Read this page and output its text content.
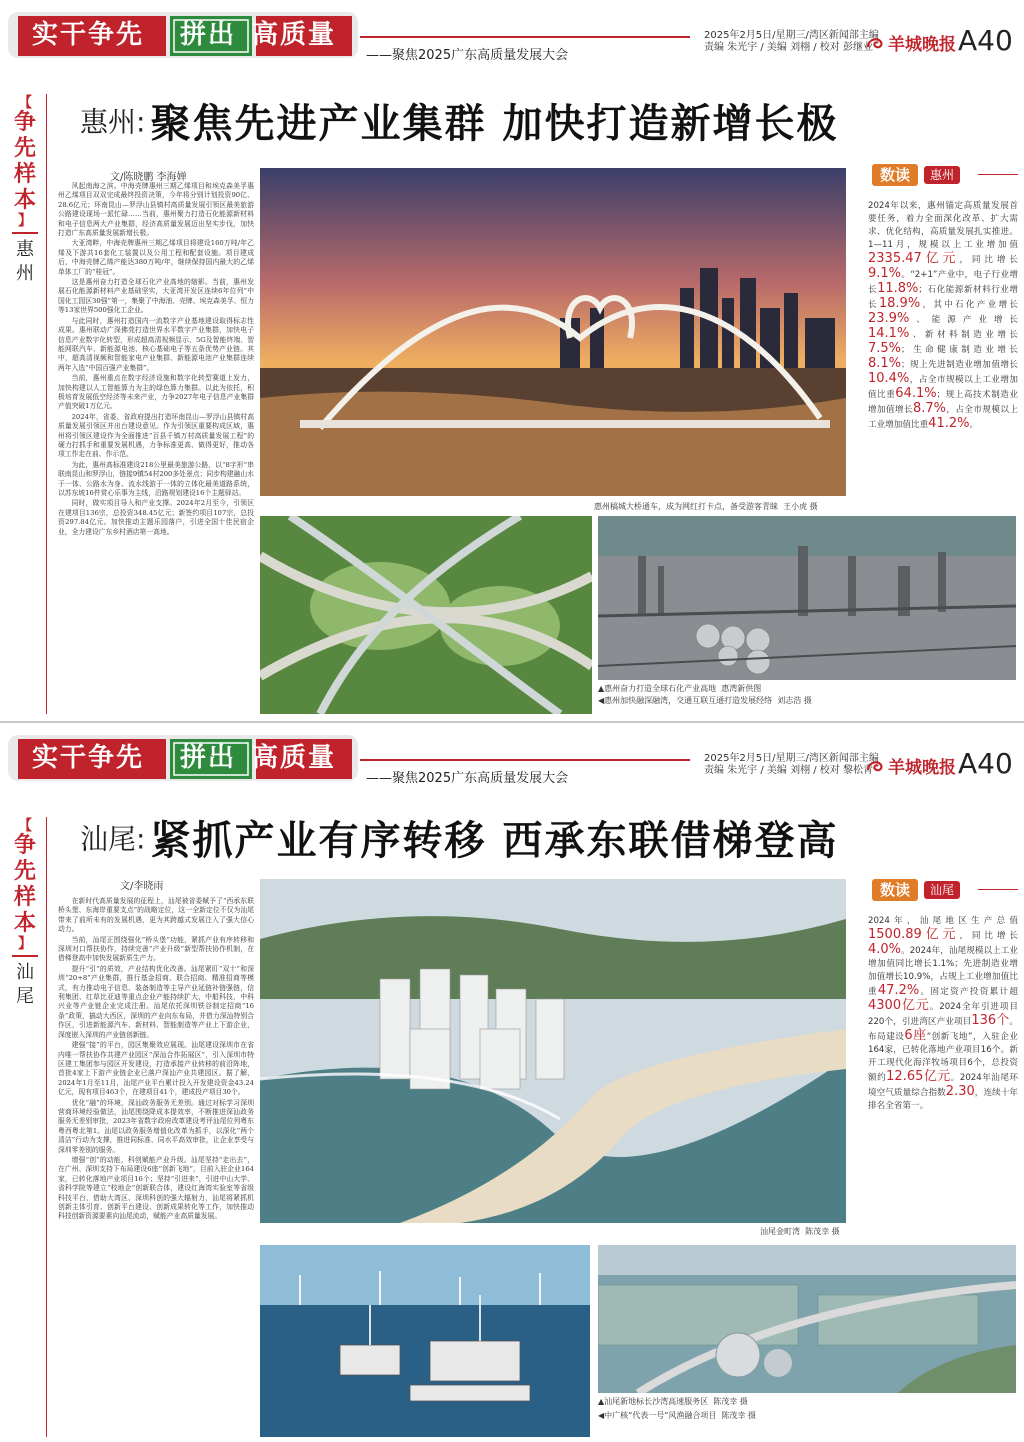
实干争先	拼出 高质量
——聚焦2025广东高质量发展大会
2025年2月5日/星期三/湾区新闻部主编
责编 朱光宇 / 美编 刘栩 / 校对 彭继业 羊城晚报 A40
【
争
先
样
本
】
惠
州
惠州: 聚焦先进产业集群 加快打造新增长极
文/陈晓鹏 李海婵

风起南海之滨。中海壳牌惠州三期乙烯项目和埃克森美孚惠州乙烯项目双双完成最终投资决策，今年将分别计划投资90亿、28.6亿元；环南昆山—罗浮山县镇村高质量发展引领区最美旅游公路建设现场一派忙碌……当前，惠州聚力打造石化能源新材料和电子信息两大产业集群，经济高质量发展迈出坚实步伐，加快打造广东高质量发展新增长极。

大亚湾畔，中海壳牌惠州三期乙烯项目将建设160万吨/年乙烯及下游共16套化工装置以及公用工程和配套设施。项目建成后，中海壳牌乙烯产能达380万吨/年，继续保持国内最大的乙烯单体工厂的“桂冠”。

这是惠州奋力打造全球石化产业高地的缩影。当前，惠州发展石化能源新材料产业基础坚实，大亚湾开发区连续6年位列“中国化工园区30强”第一，集聚了中海油、壳牌、埃克森美孚、恒力等13家世界500强化工企业。

与此同时，惠州打造国内一流数字产业基地建设取得标志性成果。惠州联动广深佛莞打造世界水平数字产业集群，加快电子信息产业数字化转型，形成超高清视频显示、5G及智能终端、智能网联汽车、新能源电池、核心基础电子等五条优势产业链。其中，超高清视频和智能家电产业集群、新能源电池产业集群连续两年入选“中国百强产业集群”。

当前，惠州重点在数字经济设施和数字化转型赛道上发力，加快构建以人工智能算力为主的绿色算力集群。以此为依托，积极培育发展低空经济等未来产业，力争2027年电子信息产业集群产值突破1万亿元。

2024年，省委、省政府提出打造环南昆山—罗浮山县镇村高质量发展引领区并出台建设意见。作为引领区重要构成区域，惠州将引领区建设作为全面推进“百县千镇万村高质量发展工程”的硬力打抓手和重要发展机遇，力争标准更高、做得更好，推动各项工作走在前、作示范。

为此，惠州高标准建设218公里最美旅游公路，以“8字形”串联南昆山和罗浮山，链接9镇54村200多处景点；同步构建融山水于一体、公路水为身、流水线游于一体的立体化最美道路系统，以苏东坡16件赏心乐事为主线，沿路规划建设16个主题驿站。

同时，做实项目导入和产业支撑。2024年2月至今，引领区在建项目136宗，总投资348.45亿元；新签约项目107宗，总投资297.84亿元。加快推动主题乐园落户，引进全国十佳民宿企业，全力建设广东乡村酒店第一高地。

惠州稿城大桥通车，成为网红打卡点，备受游客青睐 王小虎 摄
▲惠州奋力打造全球石化产业高地 惠湾新供图
◀惠州加快融深融湾，交通互联互通打造发展经络 刘志浩 摄
数读	惠州
2024年以来，惠州锚定高质量发展首要任务，着力全面深化改革、扩大需求、优化结构，高质量发展扎实推进。1—11月，规模以上工业增加值2335.47亿元，同比增长9.1%。“2+1”产业中，电子行业增长11.8%；石化能源新材料行业增长18.9%，其中石化产业增长23.9%、能源产业增长14.1%、新材料制造业增长7.5%；生命健康制造业增长8.1%；规上先进制造业增加值增长10.4%，占全市规模以上工业增加值比重64.1%；规上高技术制造业增加值增长8.7%，占全市规模以上工业增加值比重41.2%。
实干争先	拼出 高质量
——聚焦2025广东高质量发展大会
2025年2月5日/星期三/湾区新闻部主编
责编 朱光宇 / 美编 刘栩 / 校对 黎松青 羊城晚报 A40
【
争
先
样
本
】
汕
尾
汕尾: 紧抓产业有序转移 西承东联借梯登高
文/李晓雨

在新时代高质量发展的征程上，汕尾被省委赋予了“西承东联桥头堡、东海岸重要支点”的战略定位，这一全新定位不仅为汕尾带来了前所未有的发展机遇，更为其跨越式发展注入了强大信心动力。

当前，汕尾正围绕强化“桥头堡”功能，紧抓产业有序转移和深圳对口帮扶协作，持续完善“产业升级”新型帮扶协作机制，在借梯登高中加快发展新质生产力。

提升“引”的质效，产业结构优化改善。汕尾紧盯“双十”和深圳“20+8”产业集群，推行基金招商、联合招商、精准招商等模式，有力推动电子信息、装备制造等主导产业延链补链强链，信利集团、红草比亚迪等重点企业产能持续扩大，中船科技、中科兴业等产业链企业完成注册。汕尾依托深圳铁谷制定招商“16条”政策，搞动大西区，深圳的产业向东布局，并借力深汕特别合作区，引进新能源汽车、新材料、智能制造等产业上下游企业，深度嵌入深圳的产业链创新链。

建强“接”的平台，园区集聚效应展现。汕尾建设深圳市在省内唯一帮扶协作共建产业园区“深汕合作拓展区”，引入深圳市特区建工集团参与园区开发建设，打造承接产业转移的前沿阵地，首批4家上下游产业链企业已落户深汕产业共建园区。据了解，2024年1月至11月，汕尾产业平台累计投入开发建设资金43.24亿元，现有项目463个，在建项目41个，建成投产项目30个。

优化“融”的环境，深汕政务服务无差别。通过对标学习深圳营商环境经验做法，汕尾围绕降成本提效率，不断推进深汕政务服务无差别审批，2023年省数字政府改革建设考评汕尾位列粤东粤西粤北第1。汕尾以政务服务增值化改革为抓手，以深化“两个清洁”行动为支撑，推进同标准、同水平高效审批，让企业享受与深圳零差别的服务。

增强“创”的动能，科创赋能产业升级。汕尾坚持“走出去”，在广州、深圳支持下布局建设6座“创新飞地”，目前入驻企业164家，已转化落地产业项目16个；坚持“引进来”，引进中山大学、省科学院等建立“校地企”创新联合体，建设红海湾实验室等省级科技平台，借助大湾区、深圳科创的强大辐射力，汕尾将紧抓机创新主体引育、创新平台建设、创新成果转化等工作，加快推动科技创新资源要素向汕尾流动，赋能产业高质量发展。

汕尾金町湾 陈茂幸 摄
▲汕尾新地标长沙湾高速服务区 陈茂幸 摄
◀中广核“代表一号”风渔融合项目 陈茂幸 摄
数读	汕尾
2024年，汕尾地区生产总值1500.89亿元，同比增长4.0%。2024年，汕尾规模以上工业增加值同比增长1.1%；先进制造业增加值增长10.9%，占规上工业增加值比重47.2%。固定资产投资累计超4300亿元。2024全年引进项目220个，引进湾区产业项目136个。布局建设6座“创新飞地”，入驻企业164家，已转化落地产业项目16个。新开工现代化海洋牧场项目6个，总投资额约12.65亿元。2024年汕尾环境空气质量综合指数2.30，连续十年排名全省第一。
